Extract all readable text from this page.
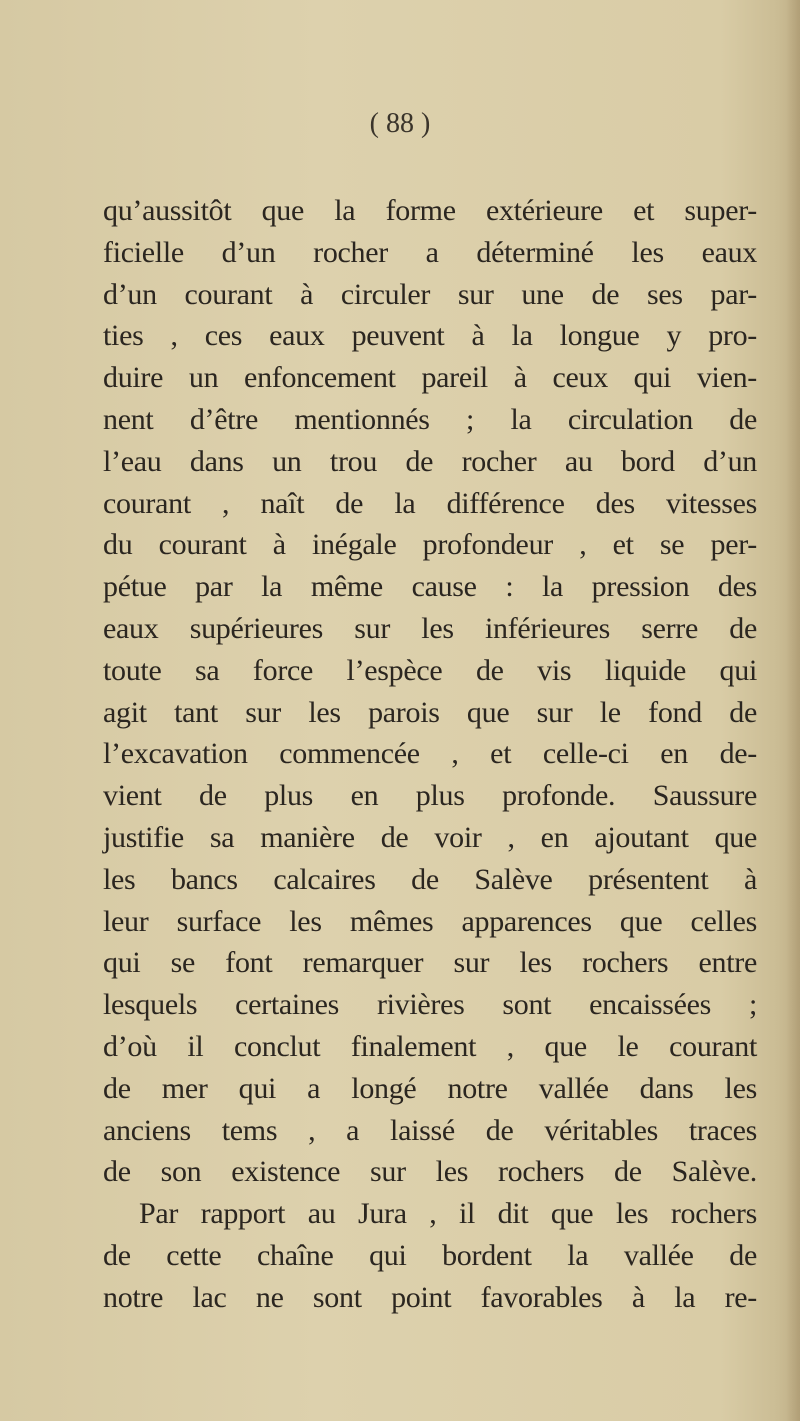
( 88 )
qu’aussitôt que la forme extérieure et super-
ficielle d’un rocher a déterminé les eaux
d’un courant à circuler sur une de ses par-
ties , ces eaux peuvent à la longue y pro-
duire un enfoncement pareil à ceux qui vien-
nent d’être mentionnés ; la circulation de
l’eau dans un trou de rocher au bord d’un
courant , naît de la différence des vitesses
du courant à inégale profondeur , et se per-
pétue par la même cause : la pression des
eaux supérieures sur les inférieures serre de
toute sa force l’espèce de vis liquide qui
agit tant sur les parois que sur le fond de
l’excavation commencée , et celle-ci en de-
vient de plus en plus profonde. Saussure
justifie sa manière de voir , en ajoutant que
les bancs calcaires de Salève présentent à
leur surface les mêmes apparences que celles
qui se font remarquer sur les rochers entre
lesquels certaines rivières sont encaissées ;
d’où il conclut finalement , que le courant
de mer qui a longé notre vallée dans les
anciens tems , a laissé de véritables traces
de son existence sur les rochers de Salève.
Par rapport au Jura , il dit que les rochers
de cette chaîne qui bordent la vallée de
notre lac ne sont point favorables à la re-
